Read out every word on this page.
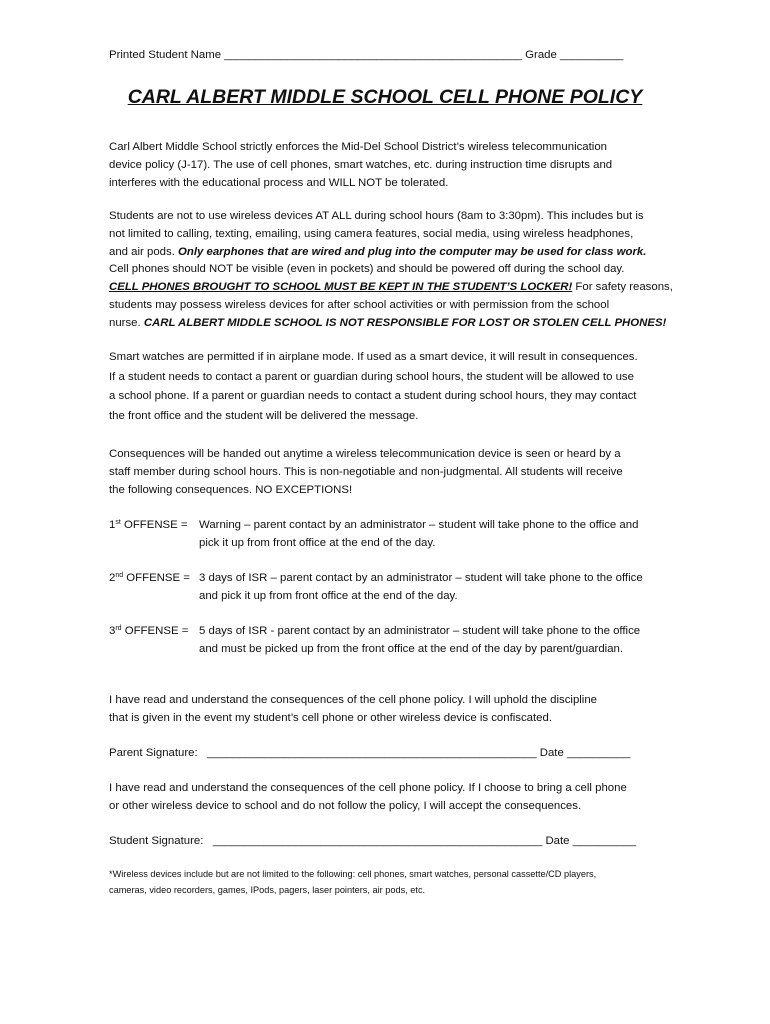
Printed Student Name _______________________________________________ Grade __________
CARL ALBERT MIDDLE SCHOOL CELL PHONE POLICY
Carl Albert Middle School strictly enforces the Mid-Del School District’s wireless telecommunication
device policy (J-17). The use of cell phones, smart watches, etc. during instruction time disrupts and
interferes with the educational process and WILL NOT be tolerated.
Students are not to use wireless devices AT ALL during school hours (8am to 3:30pm). This includes but is
not limited to calling, texting, emailing, using camera features, social media, using wireless headphones,
and air pods. Only earphones that are wired and plug into the computer may be used for class work.
Cell phones should NOT be visible (even in pockets) and should be powered off during the school day.
CELL PHONES BROUGHT TO SCHOOL MUST BE KEPT IN THE STUDENT’S LOCKER! For safety reasons,
students may possess wireless devices for after school activities or with permission from the school
nurse. CARL ALBERT MIDDLE SCHOOL IS NOT RESPONSIBLE FOR LOST OR STOLEN CELL PHONES!
Smart watches are permitted if in airplane mode. If used as a smart device, it will result in consequences.
If a student needs to contact a parent or guardian during school hours, the student will be allowed to use
a school phone. If a parent or guardian needs to contact a student during school hours, they may contact
the front office and the student will be delivered the message.
Consequences will be handed out anytime a wireless telecommunication device is seen or heard by a
staff member during school hours. This is non-negotiable and non-judgmental. All students will receive
the following consequences. NO EXCEPTIONS!
1st OFFENSE = Warning – parent contact by an administrator – student will take phone to the office and
pick it up from front office at the end of the day.
2nd OFFENSE = 3 days of ISR – parent contact by an administrator – student will take phone to the office
and pick it up from front office at the end of the day.
3rd OFFENSE = 5 days of ISR - parent contact by an administrator – student will take phone to the office
and must be picked up from the front office at the end of the day by parent/guardian.
I have read and understand the consequences of the cell phone policy. I will uphold the discipline
that is given in the event my student’s cell phone or other wireless device is confiscated.
Parent Signature: ____________________________________________________ Date __________
I have read and understand the consequences of the cell phone policy. If I choose to bring a cell phone
or other wireless device to school and do not follow the policy, I will accept the consequences.
Student Signature: ____________________________________________________ Date __________
*Wireless devices include but are not limited to the following: cell phones, smart watches, personal cassette/CD players,
cameras, video recorders, games, IPods, pagers, laser pointers, air pods, etc.
